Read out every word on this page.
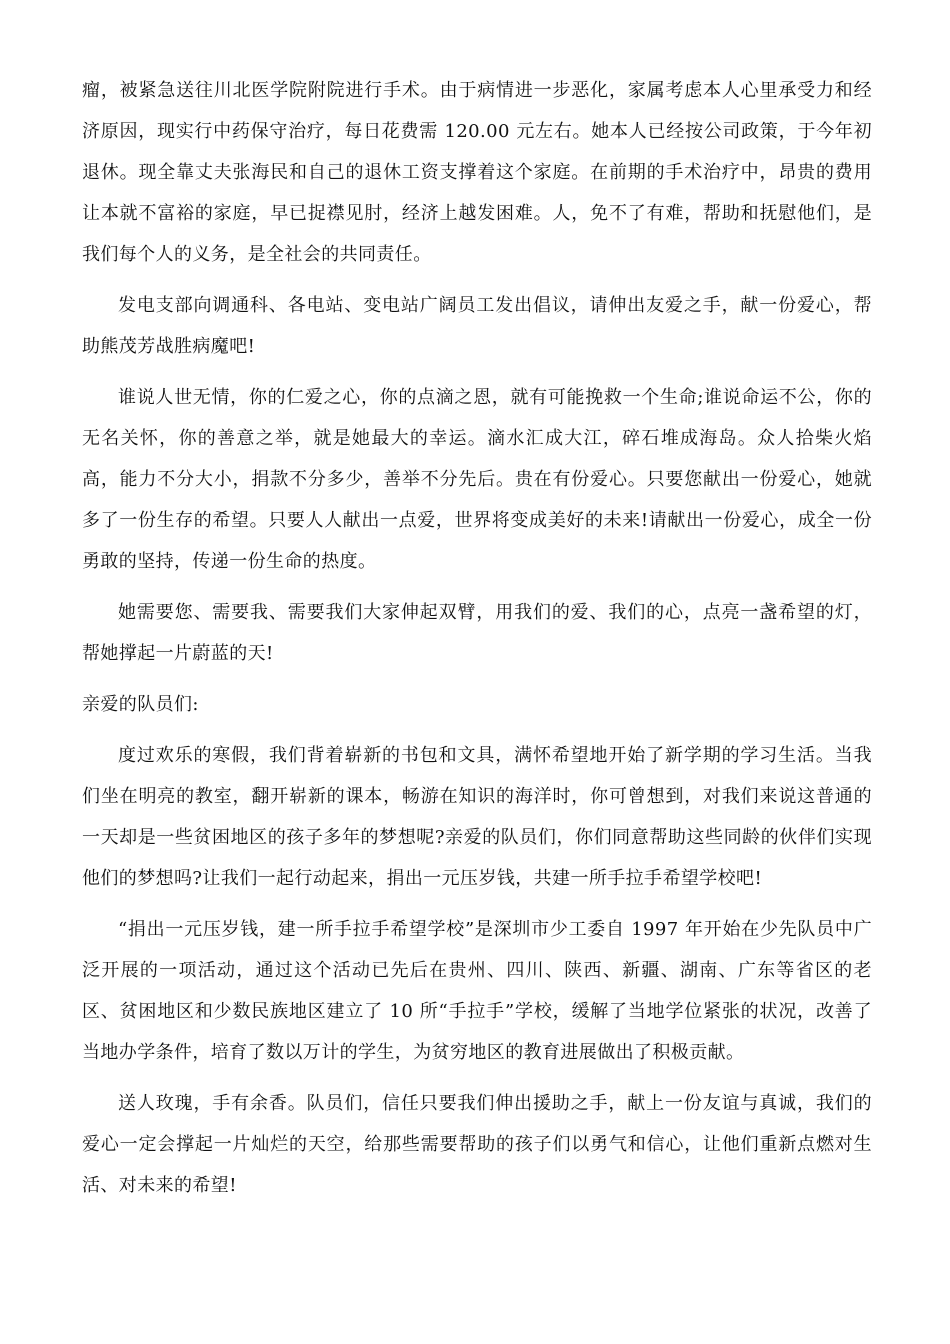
瘤，被紧急送往川北医学院附院进行手术。由于病情进一步恶化，家属考虑本人心里承受力和经济原因，现实行中药保守治疗，每日花费需 120.00 元左右。她本人已经按公司政策，于今年初退休。现全靠丈夫张海民和自己的退休工资支撑着这个家庭。在前期的手术治疗中，昂贵的费用让本就不富裕的家庭，早已捉襟见肘，经济上越发困难。人，免不了有难，帮助和抚慰他们，是我们每个人的义务，是全社会的共同责任。

发电支部向调通科、各电站、变电站广阔员工发出倡议，请伸出友爱之手，献一份爱心，帮助熊茂芳战胜病魔吧!

谁说人世无情，你的仁爱之心，你的点滴之恩，就有可能挽救一个生命;谁说命运不公，你的无名关怀，你的善意之举，就是她最大的幸运。滴水汇成大江，碎石堆成海岛。众人拾柴火焰高，能力不分大小，捐款不分多少，善举不分先后。贵在有份爱心。只要您献出一份爱心，她就多了一份生存的希望。只要人人献出一点爱，世界将变成美好的未来!请献出一份爱心，成全一份勇敢的坚持，传递一份生命的热度。

她需要您、需要我、需要我们大家伸起双臂，用我们的爱、我们的心，点亮一盏希望的灯，帮她撑起一片蔚蓝的天!

亲爱的队员们:

度过欢乐的寒假，我们背着崭新的书包和文具，满怀希望地开始了新学期的学习生活。当我们坐在明亮的教室，翻开崭新的课本，畅游在知识的海洋时，你可曾想到，对我们来说这普通的一天却是一些贫困地区的孩子多年的梦想呢?亲爱的队员们，你们同意帮助这些同龄的伙伴们实现他们的梦想吗?让我们一起行动起来，捐出一元压岁钱，共建一所手拉手希望学校吧!

“捐出一元压岁钱，建一所手拉手希望学校”是深圳市少工委自 1997 年开始在少先队员中广泛开展的一项活动，通过这个活动已先后在贵州、四川、陕西、新疆、湖南、广东等省区的老区、贫困地区和少数民族地区建立了 10 所“手拉手”学校，缓解了当地学位紧张的状况，改善了当地办学条件，培育了数以万计的学生，为贫穷地区的教育进展做出了积极贡献。

送人玫瑰，手有余香。队员们，信任只要我们伸出援助之手，献上一份友谊与真诚，我们的爱心一定会撑起一片灿烂的天空，给那些需要帮助的孩子们以勇气和信心，让他们重新点燃对生活、对未来的希望!
